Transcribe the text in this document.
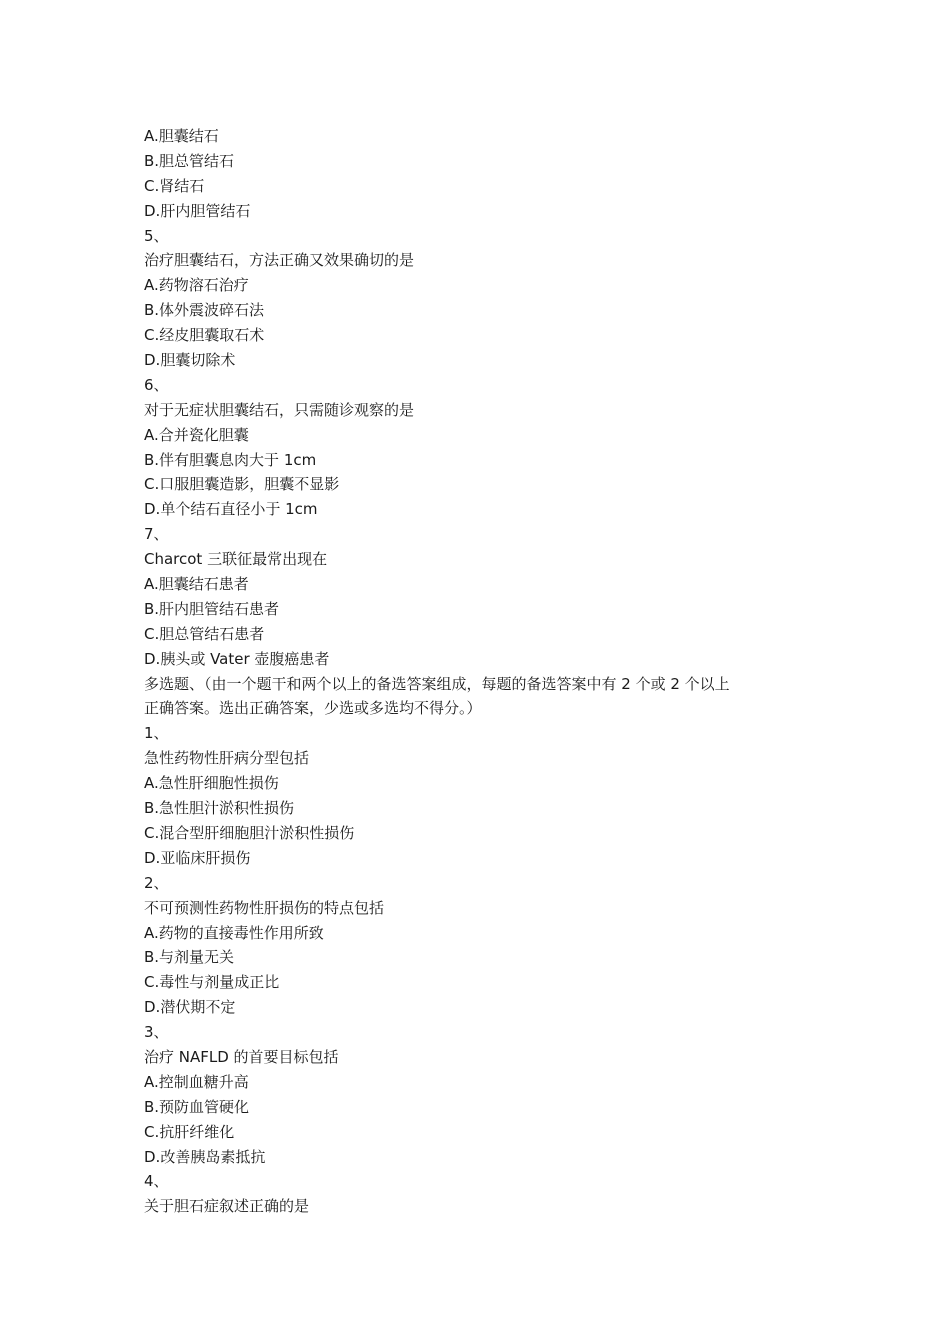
A.胆囊结石
B.胆总管结石
C.肾结石
D.肝内胆管结石
5、
治疗胆囊结石，方法正确又效果确切的是
A.药物溶石治疗
B.体外震波碎石法
C.经皮胆囊取石术
D.胆囊切除术
6、
对于无症状胆囊结石，只需随诊观察的是
A.合并瓷化胆囊
B.伴有胆囊息肉大于 1cm
C.口服胆囊造影，胆囊不显影
D.单个结石直径小于 1cm
7、
Charcot 三联征最常出现在
A.胆囊结石患者
B.肝内胆管结石患者
C.胆总管结石患者
D.胰头或 Vater 壶腹癌患者
多选题、（由一个题干和两个以上的备选答案组成，每题的备选答案中有 2 个或 2 个以上
正确答案。选出正确答案，少选或多选均不得分。）
1、
急性药物性肝病分型包括
A.急性肝细胞性损伤
B.急性胆汁淤积性损伤
C.混合型肝细胞胆汁淤积性损伤
D.亚临床肝损伤
2、
不可预测性药物性肝损伤的特点包括
A.药物的直接毒性作用所致
B.与剂量无关
C.毒性与剂量成正比
D.潜伏期不定
3、
治疗 NAFLD 的首要目标包括
A.控制血糖升高
B.预防血管硬化
C.抗肝纤维化
D.改善胰岛素抵抗
4、
关于胆石症叙述正确的是
